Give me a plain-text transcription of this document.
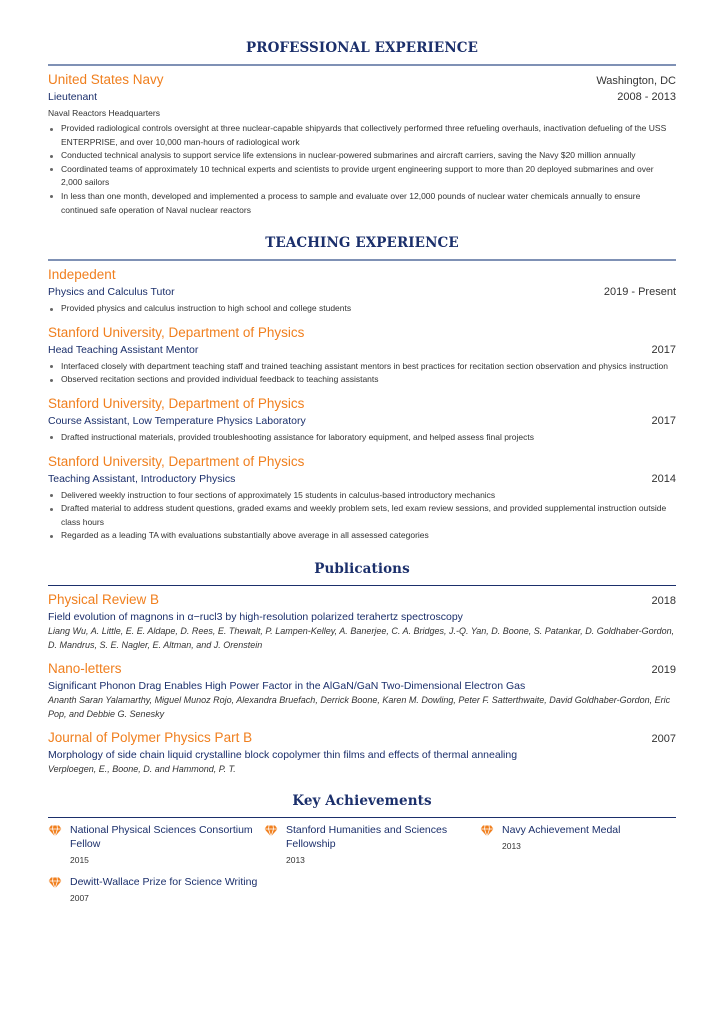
PROFESSIONAL EXPERIENCE
United States Navy	Washington, DC
Lieutenant	2008 - 2013
Naval Reactors Headquarters
Provided radiological controls oversight at three nuclear-capable shipyards that collectively performed three refueling overhauls, inactivation defueling of the USS ENTERPRISE, and over 10,000 man-hours of radiological work
Conducted technical analysis to support service life extensions in nuclear-powered submarines and aircraft carriers, saving the Navy $20 million annually
Coordinated teams of approximately 10 technical experts and scientists to provide urgent engineering support to more than 20 deployed submarines and over 2,000 sailors
In less than one month, developed and implemented a process to sample and evaluate over 12,000 pounds of nuclear water chemicals annually to ensure continued safe operation of Naval nuclear reactors
TEACHING EXPERIENCE
Indepedent
Physics and Calculus Tutor	2019 - Present
Provided physics and calculus instruction to high school and college students
Stanford University, Department of Physics
Head Teaching Assistant Mentor	2017
Interfaced closely with department teaching staff and trained teaching assistant mentors in best practices for recitation section observation and physics instruction
Observed recitation sections and provided individual feedback to teaching assistants
Stanford University, Department of Physics
Course Assistant, Low Temperature Physics Laboratory	2017
Drafted instructional materials, provided troubleshooting assistance for laboratory equipment, and helped assess final projects
Stanford University, Department of Physics
Teaching Assistant, Introductory Physics	2014
Delivered weekly instruction to four sections of approximately 15 students in calculus-based introductory mechanics
Drafted material to address student questions, graded exams and weekly problem sets, led exam review sessions, and provided supplemental instruction outside class hours
Regarded as a leading TA with evaluations substantially above average in all assessed categories
Publications
Physical Review B	2018
Field evolution of magnons in α−rucl3 by high-resolution polarized terahertz spectroscopy
Liang Wu, A. Little, E. E. Aldape, D. Rees, E. Thewalt, P. Lampen-Kelley, A. Banerjee, C. A. Bridges, J.-Q. Yan, D. Boone, S. Patankar, D. Goldhaber-Gordon, D. Mandrus, S. E. Nagler, E. Altman, and J. Orenstein
Nano-letters	2019
Significant Phonon Drag Enables High Power Factor in the AlGaN/GaN Two-Dimensional Electron Gas
Ananth Saran Yalamarthy, Miguel Munoz Rojo, Alexandra Bruefach, Derrick Boone, Karen M. Dowling, Peter F. Satterthwaite, David Goldhaber-Gordon, Eric Pop, and Debbie G. Senesky
Journal of Polymer Physics Part B	2007
Morphology of side chain liquid crystalline block copolymer thin films and effects of thermal annealing
Verploegen, E., Boone, D. and Hammond, P. T.
Key Achievements
National Physical Sciences Consortium Fellow
2015
Stanford Humanities and Sciences Fellowship
2013
Navy Achievement Medal
2013
Dewitt-Wallace Prize for Science Writing
2007
